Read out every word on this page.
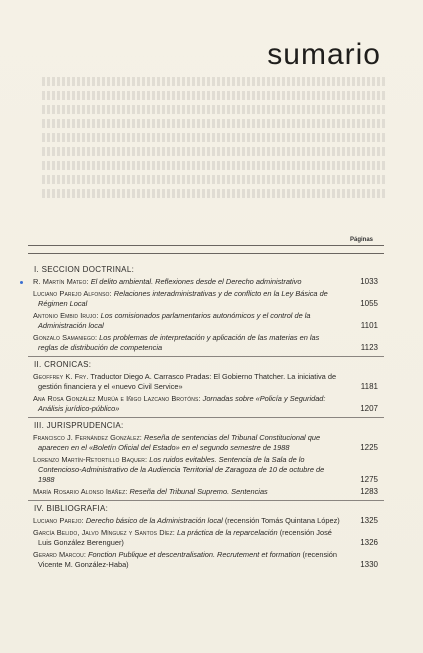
sumario
Páginas
I. SECCION DOCTRINAL:
R. Martín Mateo: El delito ambiental. Reflexiones desde el Derecho administrativo	1033
Luciano Parejo Alfonso: Relaciones interadministrativas y de conflicto en la Ley Básica de Régimen Local	1055
Antonio Embid Irujo: Los comisionados parlamentarios autonómicos y el control de la Administración local	1101
Gonzalo Samaniego: Los problemas de interpretación y aplicación de las materias en las reglas de distribución de competencia	1123
II. CRONICAS:
Geoffrey K. Fry. Traductor Diego A. Carrasco Pradas: El Gobierno Thatcher. La iniciativa de gestión financiera y el «nuevo Civil Service»	1181
Ana Rosa González Murúa e Iñigo Lazcano Brotóns: Jornadas sobre «Policía y Seguridad: Análisis jurídico-público»	1207
III. JURISPRUDENCIA:
Francisco J. Fernández González: Reseña de sentencias del Tribunal Constitucional que aparecen en el «Boletín Oficial del Estado» en el segundo semestre de 1988	1225
Lorenzo Martín-Retortillo Baquer: Los ruidos evitables. Sentencia de la Sala de lo Contencioso-Administrativo de la Audiencia Territorial de Zaragoza de 10 de octubre de 1988	1275
María Rosario Alonso Ibáñez: Reseña del Tribunal Supremo. Sentencias	1283
IV. BIBLIOGRAFIA:
Luciano Parejo: Derecho básico de la Administración local (recensión Tomás Quintana López)	1325
García Belido, Jalvo Mínguez y Santos Díez: La práctica de la reparcelación (recensión José Luis González Berenguer)	1326
Gerard Marcou: Fonction Publique et descentralisation. Recrutement et formation (recensión Vicente M. González-Haba)	1330
